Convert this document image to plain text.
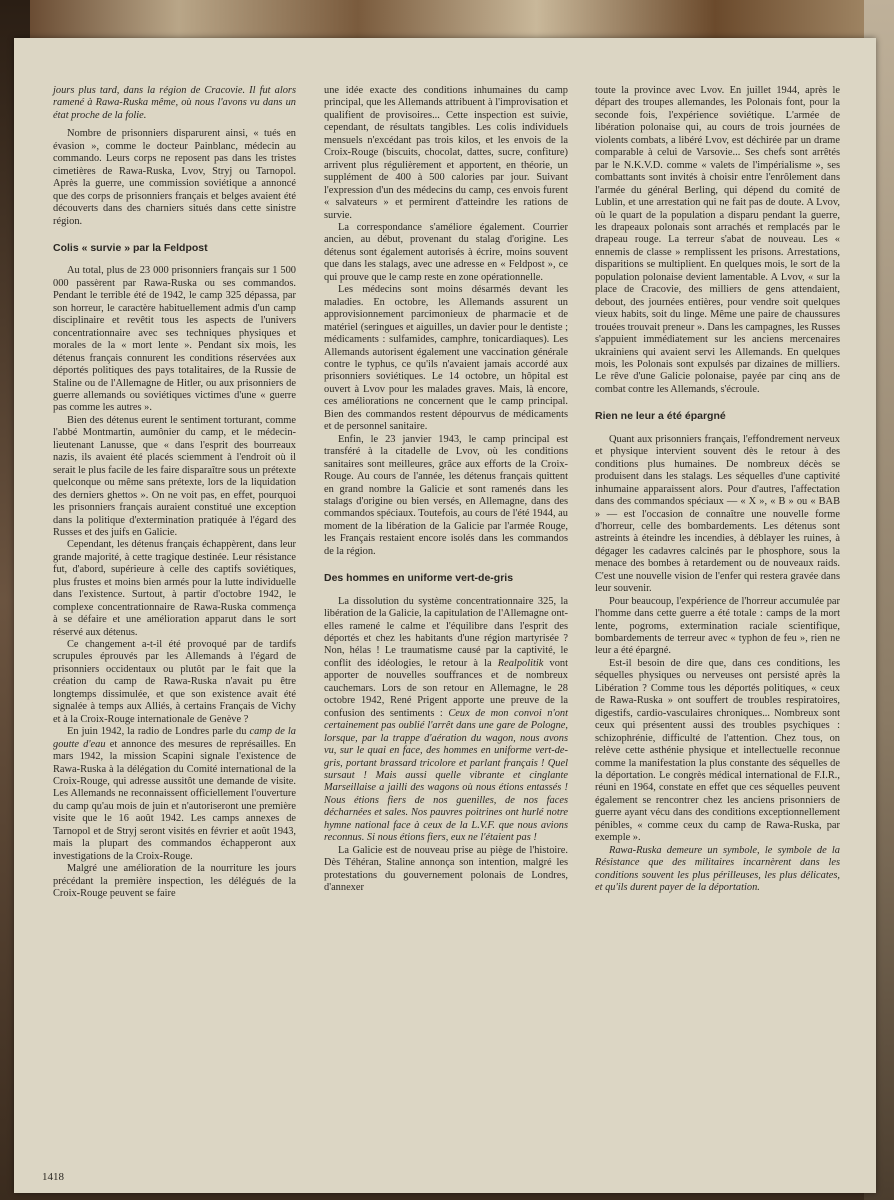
jours plus tard, dans la région de Cracovie. Il fut alors ramené à Rawa-Ruska même, où nous l'avons vu dans un état proche de la folie.

Nombre de prisonniers disparurent ainsi, « tués en évasion », comme le docteur Painblanc, médecin au commando. Leurs corps ne reposent pas dans les tristes cimetières de Rawa-Ruska, Lvov, Stryj ou Tarnopol. Après la guerre, une commission soviétique a annoncé que des corps de prisonniers français et belges avaient été découverts dans des charniers situés dans cette sinistre région.

Colis « survie » par la Feldpost

Au total, plus de 23 000 prisonniers français sur 1 500 000 passèrent par Rawa-Ruska ou ses commandos. Pendant le terrible été de 1942, le camp 325 dépassa, par son horreur, le caractère habituellement admis d'un camp disciplinaire et revêtit tous les aspects de l'univers concentrationnaire avec ses techniques physiques et morales de la « mort lente ». Pendant six mois, les détenus français connurent les conditions réservées aux déportés politiques des pays totalitaires, de la Russie de Staline ou de l'Allemagne de Hitler, ou aux prisonniers de guerre allemands ou soviétiques victimes d'une « guerre pas comme les autres ».

Bien des détenus eurent le sentiment torturant, comme l'abbé Montmartin, aumônier du camp, et le médecin-lieutenant Lanusse, que « dans l'esprit des bourreaux nazis, ils avaient été placés sciemment à l'endroit où il serait le plus facile de les faire disparaître sous un prétexte quelconque ou même sans prétexte, lors de la liquidation des derniers ghettos ». On ne voit pas, en effet, pourquoi les prisonniers français auraient constitué une exception dans la politique d'extermination pratiquée à l'égard des Russes et des juifs en Galicie.

Cependant, les détenus français échappèrent, dans leur grande majorité, à cette tragique destinée. Leur résistance fut, d'abord, supérieure à celle des captifs soviétiques, plus frustes et moins bien armés pour la lutte individuelle dans l'existence. Surtout, à partir d'octobre 1942, le complexe concentrationnaire de Rawa-Ruska commença à se défaire et une amélioration apparut dans le sort réservé aux détenus.

Ce changement a-t-il été provoqué par de tardifs scrupules éprouvés par les Allemands à l'égard de prisonniers occidentaux ou plutôt par le fait que la création du camp de Rawa-Ruska n'avait pu être longtemps dissimulée, et que son existence avait été signalée à temps aux Alliés, à certains Français de Vichy et à la Croix-Rouge internationale de Genève ?

En juin 1942, la radio de Londres parle du camp de la goutte d'eau et annonce des mesures de représailles. En mars 1942, la mission Scapini signale l'existence de Rawa-Ruska à la délégation du Comité international de la Croix-Rouge, qui adresse aussitôt une demande de visite. Les Allemands ne reconnaissent officiellement l'ouverture du camp qu'au mois de juin et n'autoriseront une première visite que le 16 août 1942. Les camps annexes de Tarnopol et de Stryj seront visités en février et août 1943, mais la plupart des commandos échapperont aux investigations de la Croix-Rouge.

Malgré une amélioration de la nourriture les jours précédant la première inspection, les délégués de la Croix-Rouge peuvent se faire

une idée exacte des conditions inhumaines du camp principal, que les Allemands attribuent à l'improvisation et qualifient de provisoires... Cette inspection est suivie, cependant, de résultats tangibles. Les colis individuels mensuels n'excédant pas trois kilos, et les envois de la Croix-Rouge (biscuits, chocolat, dattes, sucre, confiture) arrivent plus régulièrement et apportent, en théorie, un supplément de 400 à 500 calories par jour. Suivant l'expression d'un des médecins du camp, ces envois furent « salvateurs » et permirent d'atteindre les rations de survie.

La correspondance s'améliore également. Courrier ancien, au début, provenant du stalag d'origine. Les détenus sont également autorisés à écrire, moins souvent que dans les stalags, avec une adresse en « Feldpost », ce qui prouve que le camp reste en zone opérationnelle.

Les médecins sont moins désarmés devant les maladies. En octobre, les Allemands assurent un approvisionnement parcimonieux de pharmacie et de matériel (seringues et aiguilles, un davier pour le dentiste ; médicaments : sulfamides, camphre, tonicardiaques). Les Allemands autorisent également une vaccination générale contre le typhus, ce qu'ils n'avaient jamais accordé aux prisonniers soviétiques. Le 14 octobre, un hôpital est ouvert à Lvov pour les malades graves. Mais, là encore, ces améliorations ne concernent que le camp principal. Bien des commandos restent dépourvus de médicaments et de personnel sanitaire.

Enfin, le 23 janvier 1943, le camp principal est transféré à la citadelle de Lvov, où les conditions sanitaires sont meilleures, grâce aux efforts de la Croix-Rouge. Au cours de l'année, les détenus français quittent en grand nombre la Galicie et sont ramenés dans les stalags d'origine ou bien versés, en Allemagne, dans des commandos spéciaux. Toutefois, au cours de l'été 1944, au moment de la libération de la Galicie par l'armée Rouge, les Français restaient encore isolés dans les commandos de la région.

Des hommes en uniforme vert-de-gris

La dissolution du système concentrationnaire 325, la libération de la Galicie, la capitulation de l'Allemagne ont-elles ramené le calme et l'équilibre dans l'esprit des déportés et chez les habitants d'une région martyrisée ? Non, hélas ! Le traumatisme causé par la captivité, le conflit des idéologies, le retour à la Realpolitik vont apporter de nouvelles souffrances et de nombreux cauchemars. Lors de son retour en Allemagne, le 28 octobre 1942, René Prigent apporte une preuve de la confusion des sentiments : Ceux de mon convoi n'ont certainement pas oublié l'arrêt dans une gare de Pologne, lorsque, par la trappe d'aération du wagon, nous avons vu, sur le quai en face, des hommes en uniforme vert-de-gris, portant brassard tricolore et parlant français ! Quel sursaut ! Mais aussi quelle vibrante et cinglante Marseillaise a jailli des wagons où nous étions entassés ! Nous étions fiers de nos guenilles, de nos faces décharnées et sales. Nos pauvres poitrines ont hurlé notre hymne national face à ceux de la L.V.F. que nous avions reconnus. Si nous étions fiers, eux ne l'étaient pas !

La Galicie est de nouveau prise au piège de l'histoire. Dès Téhéran, Staline annonça son intention, malgré les protestations du gouvernement polonais de Londres, d'annexer

toute la province avec Lvov. En juillet 1944, après le départ des troupes allemandes, les Polonais font, pour la seconde fois, l'expérience soviétique. L'armée de libération polonaise qui, au cours de trois journées de violents combats, a libéré Lvov, est déchirée par un drame comparable à celui de Varsovie... Ses chefs sont arrêtés par le N.K.V.D. comme « valets de l'impérialisme », ses combattants sont invités à choisir entre l'enrôlement dans l'armée du général Berling, qui dépend du comité de Lublin, et une arrestation qui ne fait pas de doute. A Lvov, où le quart de la population a disparu pendant la guerre, les drapeaux polonais sont arrachés et remplacés par le drapeau rouge. La terreur s'abat de nouveau. Les « ennemis de classe » remplissent les prisons. Arrestations, disparitions se multiplient. En quelques mois, le sort de la population polonaise devient lamentable. A Lvov, « sur la place de Cracovie, des milliers de gens attendaient, debout, des journées entières, pour vendre soit quelques vieux habits, soit du linge. Même une paire de chaussures trouées trouvait preneur ». Dans les campagnes, les Russes s'appuient immédiatement sur les anciens mercenaires ukrainiens qui avaient servi les Allemands. En quelques mois, les Polonais sont expulsés par dizaines de milliers. Le rêve d'une Galicie polonaise, payée par cinq ans de combat contre les Allemands, s'écroule.

Rien ne leur a été épargné

Quant aux prisonniers français, l'effondrement nerveux et physique intervient souvent dès le retour à des conditions plus humaines. De nombreux décès se produisent dans les stalags. Les séquelles d'une captivité inhumaine apparaissent alors. Pour d'autres, l'affectation dans des commandos spéciaux — « X », « B » ou « BAB » — est l'occasion de connaître une nouvelle forme d'horreur, celle des bombardements. Les détenus sont astreints à éteindre les incendies, à déblayer les ruines, à dégager les cadavres calcinés par le phosphore, sous la menace des bombes à retardement ou de nouveaux raids. C'est une nouvelle vision de l'enfer qui restera gravée dans leur souvenir.

Pour beaucoup, l'expérience de l'horreur accumulée par l'homme dans cette guerre a été totale : camps de la mort lente, pogroms, extermination raciale scientifique, bombardements de terreur avec « typhon de feu », rien ne leur a été épargné.

Est-il besoin de dire que, dans ces conditions, les séquelles physiques ou nerveuses ont persisté après la Libération ? Comme tous les déportés politiques, « ceux de Rawa-Ruska » ont souffert de troubles respiratoires, digestifs, cardio-vasculaires chroniques... Nombreux sont ceux qui présentent aussi des troubles psychiques : schizophrénie, difficulté de l'attention. Chez tous, on relève cette asthénie physique et intellectuelle reconnue comme la manifestation la plus constante des séquelles de la déportation. Le congrès médical international de F.I.R., réuni en 1964, constate en effet que ces séquelles peuvent également se rencontrer chez les anciens prisonniers de guerre ayant vécu dans des conditions exceptionnellement pénibles, « comme ceux du camp de Rawa-Ruska, par exemple ».

Rawa-Ruska demeure un symbole, le symbole de la Résistance que des militaires incarnèrent dans les conditions souvent les plus périlleuses, les plus délicates, et qu'ils durent payer de la déportation.

1418
